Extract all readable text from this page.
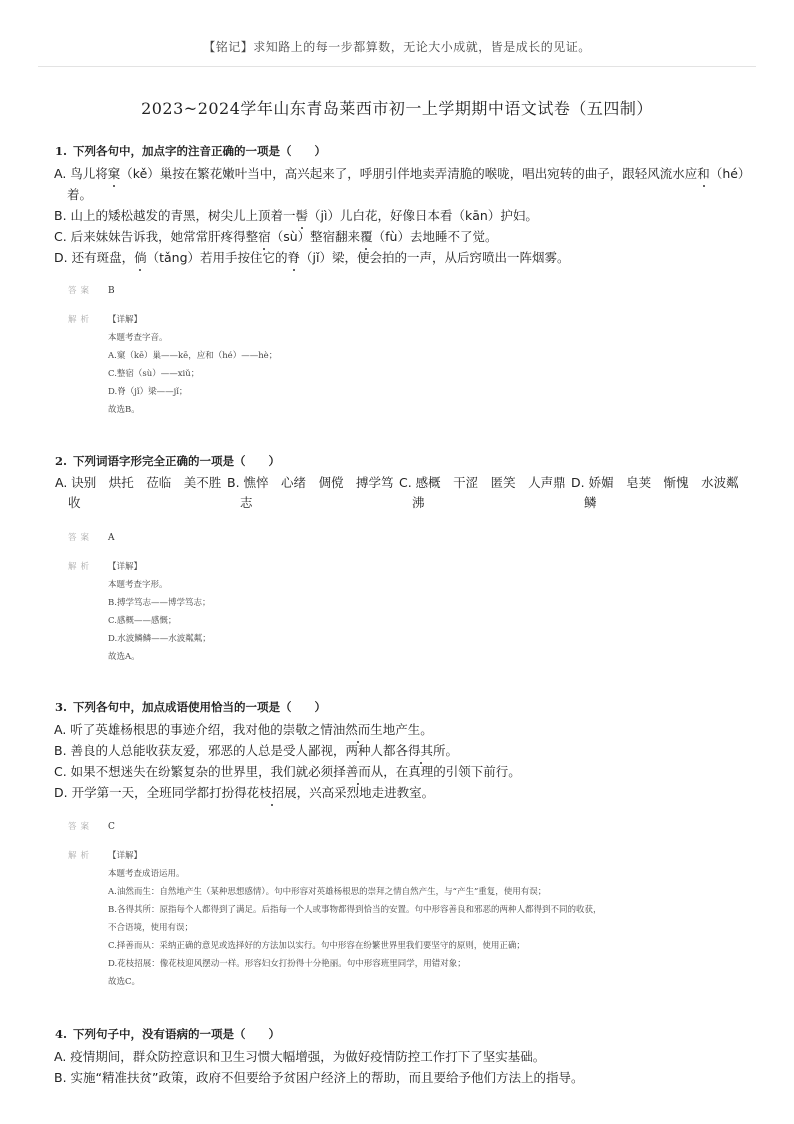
【铭记】求知路上的每一步都算数，无论大小成就，皆是成长的见证。
2023~2024学年山东青岛莱西市初一上学期期中语文试卷（五四制）
1. 下列各句中，加点字的注音正确的一项是（　　）
A. 鸟儿将窠（kě）巢按在繁花嫩叶当中，高兴起来了，呼朋引伴地卖弄清脆的喉咙，唱出宛转的曲子，跟轻风流水应和（hé）
着。
B. 山上的矮松越发的青黑，树尖儿上顶着一髻（jì）儿白花，好像日本看（kān）护妇。
C. 后来妹妹告诉我，她常常肝疼得整宿（sù）整宿翻来覆（fù）去地睡不了觉。
D. 还有斑盘，倘（tǎng）若用手按住它的脊（jǐ）梁，便会拍的一声，从后窍喷出一阵烟雾。
答案 B
解析	【详解】
本题考查字音。
A.窠（kē）巢——kē，应和（hé）——hè；
C.整宿（sù）——xiǔ；
D.脊（jǐ）梁——jǐ；
故选B。
2. 下列词语字形完全正确的一项是（　　）
A. 诀别　烘托　莅临　美不胜
收
B. 憔悴　心绪　倜傥　搏学笃
志
C. 感概　干涩　匿笑　人声鼎
沸
D. 娇媚　皂荚　惭愧　水波粼
鳞
答案 A
解析	【详解】
本题考查字形。
B.搏学笃志——博学笃志；
C.感概——感慨；
D.水波鳞鳞——水波粼粼；
故选A。
3. 下列各句中，加点成语使用恰当的一项是（　　）
A. 听了英雄杨根思的事迹介绍，我对他的崇敬之情油然而生地产生。
B. 善良的人总能收获友爱，邪恶的人总是受人鄙视，两种人都各得其所。
C. 如果不想迷失在纷繁复杂的世界里，我们就必须择善而从，在真理的引领下前行。
D. 开学第一天，全班同学都打扮得花枝招展，兴高采烈地走进教室。
答案 C
解析	【详解】
本题考查成语运用。
A.油然而生：自然地产生（某种思想感情）。句中形容对英雄杨根思的崇拜之情自然产生，与“产生”重复，使用有误；
B.各得其所：原指每个人都得到了满足。后指每一个人或事物都得到恰当的安置。句中形容善良和邪恶的两种人都得到不同的收获，
不合语境，使用有误；
C.择善而从：采纳正确的意见或选择好的方法加以实行。句中形容在纷繁世界里我们要坚守的原则，使用正确；
D.花枝招展：像花枝迎风摆动一样。形容妇女打扮得十分艳丽。句中形容班里同学，用错对象；
故选C。
4. 下列句子中，没有语病的一项是（　　）
A. 疫情期间，群众防控意识和卫生习惯大幅增强，为做好疫情防控工作打下了坚实基础。
B. 实施“精准扶贫”政策，政府不但要给予贫困户经济上的帮助，而且要给予他们方法上的指导。
